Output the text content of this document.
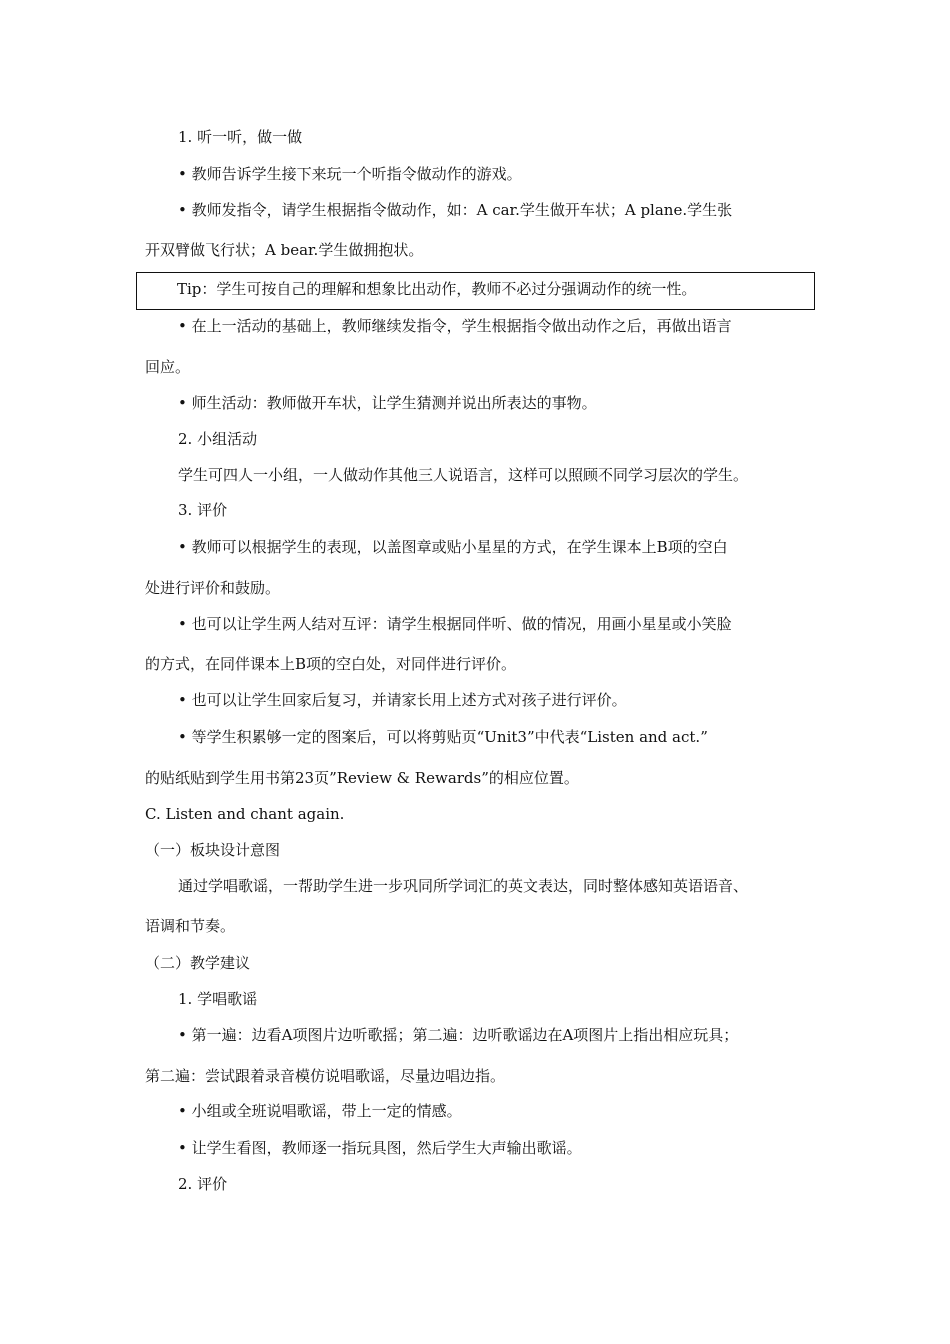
1. 听一听，做一做
• 教师告诉学生接下来玩一个听指令做动作的游戏。
• 教师发指令，请学生根据指令做动作，如：A car.学生做开车状；A plane.学生张
开双臂做飞行状；A bear.学生做拥抱状。
Tip：学生可按自己的理解和想象比出动作，教师不必过分强调动作的统一性。
• 在上一活动的基础上，教师继续发指令，学生根据指令做出动作之后，再做出语言
回应。
• 师生活动：教师做开车状，让学生猜测并说出所表达的事物。
2. 小组活动
学生可四人一小组，一人做动作其他三人说语言，这样可以照顾不同学习层次的学生。
3. 评价
• 教师可以根据学生的表现，以盖图章或贴小星星的方式，在学生课本上B项的空白
处进行评价和鼓励。
• 也可以让学生两人结对互评：请学生根据同伴听、做的情况，用画小星星或小笑脸
的方式，在同伴课本上B项的空白处，对同伴进行评价。
• 也可以让学生回家后复习，并请家长用上述方式对孩子进行评价。
• 等学生积累够一定的图案后，可以将剪贴页“Unit3”中代表“Listen and act.”
的贴纸贴到学生用书第23页”Review & Rewards”的相应位置。
C. Listen and chant again.
（一）板块设计意图
通过学唱歌谣，一帮助学生进一步巩同所学词汇的英文表达，同时整体感知英语语音、
语调和节奏。
（二）教学建议
1. 学唱歌谣
• 第一遍：边看A项图片边听歌摇；第二遍：边听歌谣边在A项图片上指出相应玩具；
第二遍：尝试跟着录音模仿说唱歌谣，尽量边唱边指。
• 小组或全班说唱歌谣，带上一定的情感。
• 让学生看图，教师逐一指玩具图，然后学生大声输出歌谣。
2. 评价
